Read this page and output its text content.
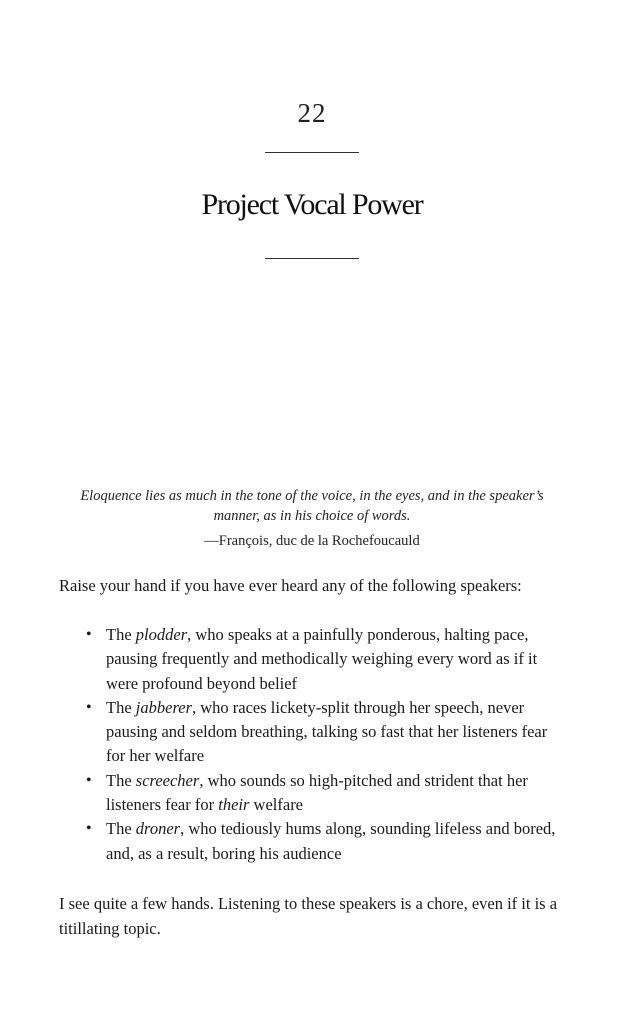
22
Project Vocal Power
Eloquence lies as much in the tone of the voice, in the eyes, and in the speaker’s manner, as in his choice of words.
—François, duc de la Rochefoucauld

Raise your hand if you have ever heard any of the following speakers:

• The plodder, who speaks at a painfully ponderous, halting pace, pausing frequently and methodically weighing every word as if it were profound beyond belief
• The jabberer, who races lickety-split through her speech, never pausing and seldom breathing, talking so fast that her listeners fear for her welfare
• The screecher, who sounds so high-pitched and strident that her listeners fear for their welfare
• The droner, who tediously hums along, sounding lifeless and bored, and, as a result, boring his audience

I see quite a few hands. Listening to these speakers is a chore, even if it is a titillating topic.
